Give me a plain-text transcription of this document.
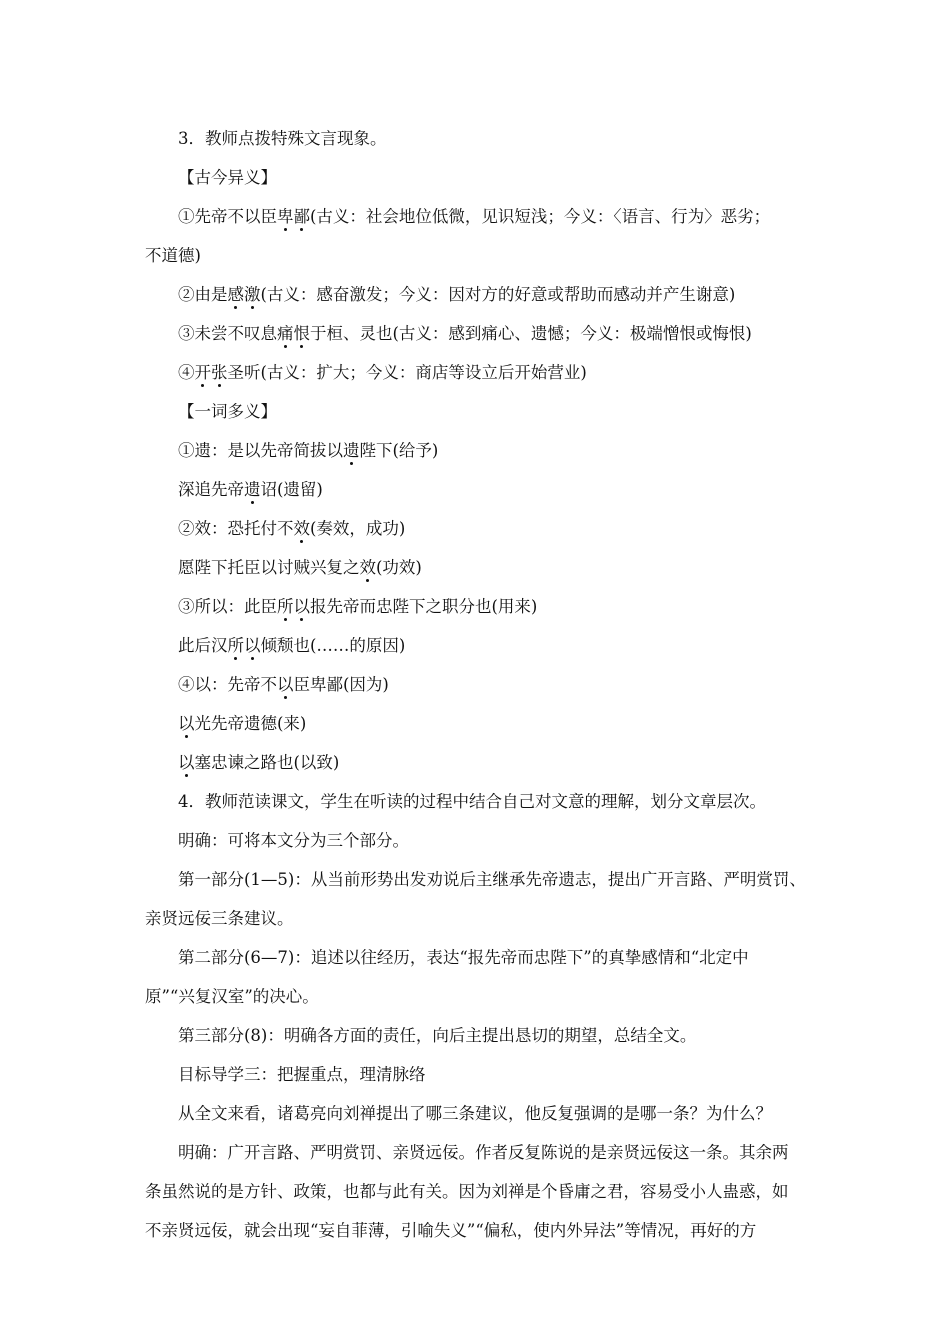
3．教师点拨特殊文言现象。
【古今异义】
①先帝不以臣卑鄙(古义：社会地位低微，见识短浅；今义：〈语言、行为〉恶劣；
不道德)
②由是感激(古义：感奋激发；今义：因对方的好意或帮助而感动并产生谢意)
③未尝不叹息痛恨于桓、灵也(古义：感到痛心、遗憾；今义：极端憎恨或悔恨)
④开张圣听(古义：扩大；今义：商店等设立后开始营业)
【一词多义】
①遗：是以先帝简拔以遗陛下(给予)
深追先帝遗诏(遗留)
②效：恐托付不效(奏效，成功)
愿陛下托臣以讨贼兴复之效(功效)
③所以：此臣所以报先帝而忠陛下之职分也(用来)
此后汉所以倾颓也(……的原因)
④以：先帝不以臣卑鄙(因为)
以光先帝遗德(来)
以塞忠谏之路也(以致)
4．教师范读课文，学生在听读的过程中结合自己对文意的理解，划分文章层次。
明确：可将本文分为三个部分。
第一部分(1—5)：从当前形势出发劝说后主继承先帝遗志，提出广开言路、严明赏罚、
亲贤远佞三条建议。
第二部分(6—7)：追述以往经历，表达“报先帝而忠陛下”的真挚感情和“北定中
原”“兴复汉室”的决心。
第三部分(8)：明确各方面的责任，向后主提出恳切的期望，总结全文。
目标导学三：把握重点，理清脉络
从全文来看，诸葛亮向刘禅提出了哪三条建议，他反复强调的是哪一条？为什么？
明确：广开言路、严明赏罚、亲贤远佞。作者反复陈说的是亲贤远佞这一条。其余两
条虽然说的是方针、政策，也都与此有关。因为刘禅是个昏庸之君，容易受小人蛊惑，如
不亲贤远佞，就会出现“妄自菲薄，引喻失义”“偏私，使内外异法”等情况，再好的方
